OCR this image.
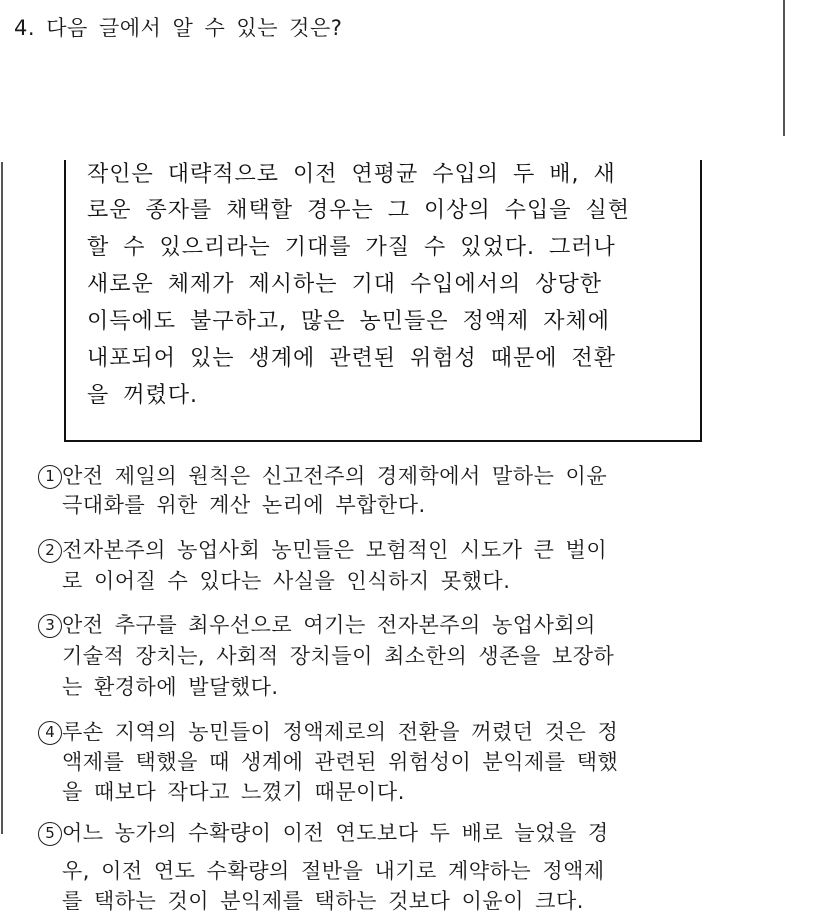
4. 다음 글에서 알 수 있는 것은?
작인은 대략적으로 이전 연평균 수입의 두 배, 새
로운 종자를 채택할 경우는 그 이상의 수입을 실현
할 수 있으리라는 기대를 가질 수 있었다. 그러나
새로운 체제가 제시하는 기대 수입에서의 상당한
이득에도 불구하고, 많은 농민들은 정액제 자체에
내포되어 있는 생계에 관련된 위험성 때문에 전환
을 꺼렸다.
1 안전 제일의 원칙은 신고전주의 경제학에서 말하는 이윤
극대화를 위한 계산 논리에 부합한다.
2 전자본주의 농업사회 농민들은 모험적인 시도가 큰 벌이
로 이어질 수 있다는 사실을 인식하지 못했다.
3 안전 추구를 최우선으로 여기는 전자본주의 농업사회의
기술적 장치는, 사회적 장치들이 최소한의 생존을 보장하
는 환경하에 발달했다.
4 루손 지역의 농민들이 정액제로의 전환을 꺼렸던 것은 정
액제를 택했을 때 생계에 관련된 위험성이 분익제를 택했
을 때보다 작다고 느꼈기 때문이다.
5 어느 농가의 수확량이 이전 연도보다 두 배로 늘었을 경
우, 이전 연도 수확량의 절반을 내기로 계약하는 정액제
를 택하는 것이 분익제를 택하는 것보다 이윤이 크다.
